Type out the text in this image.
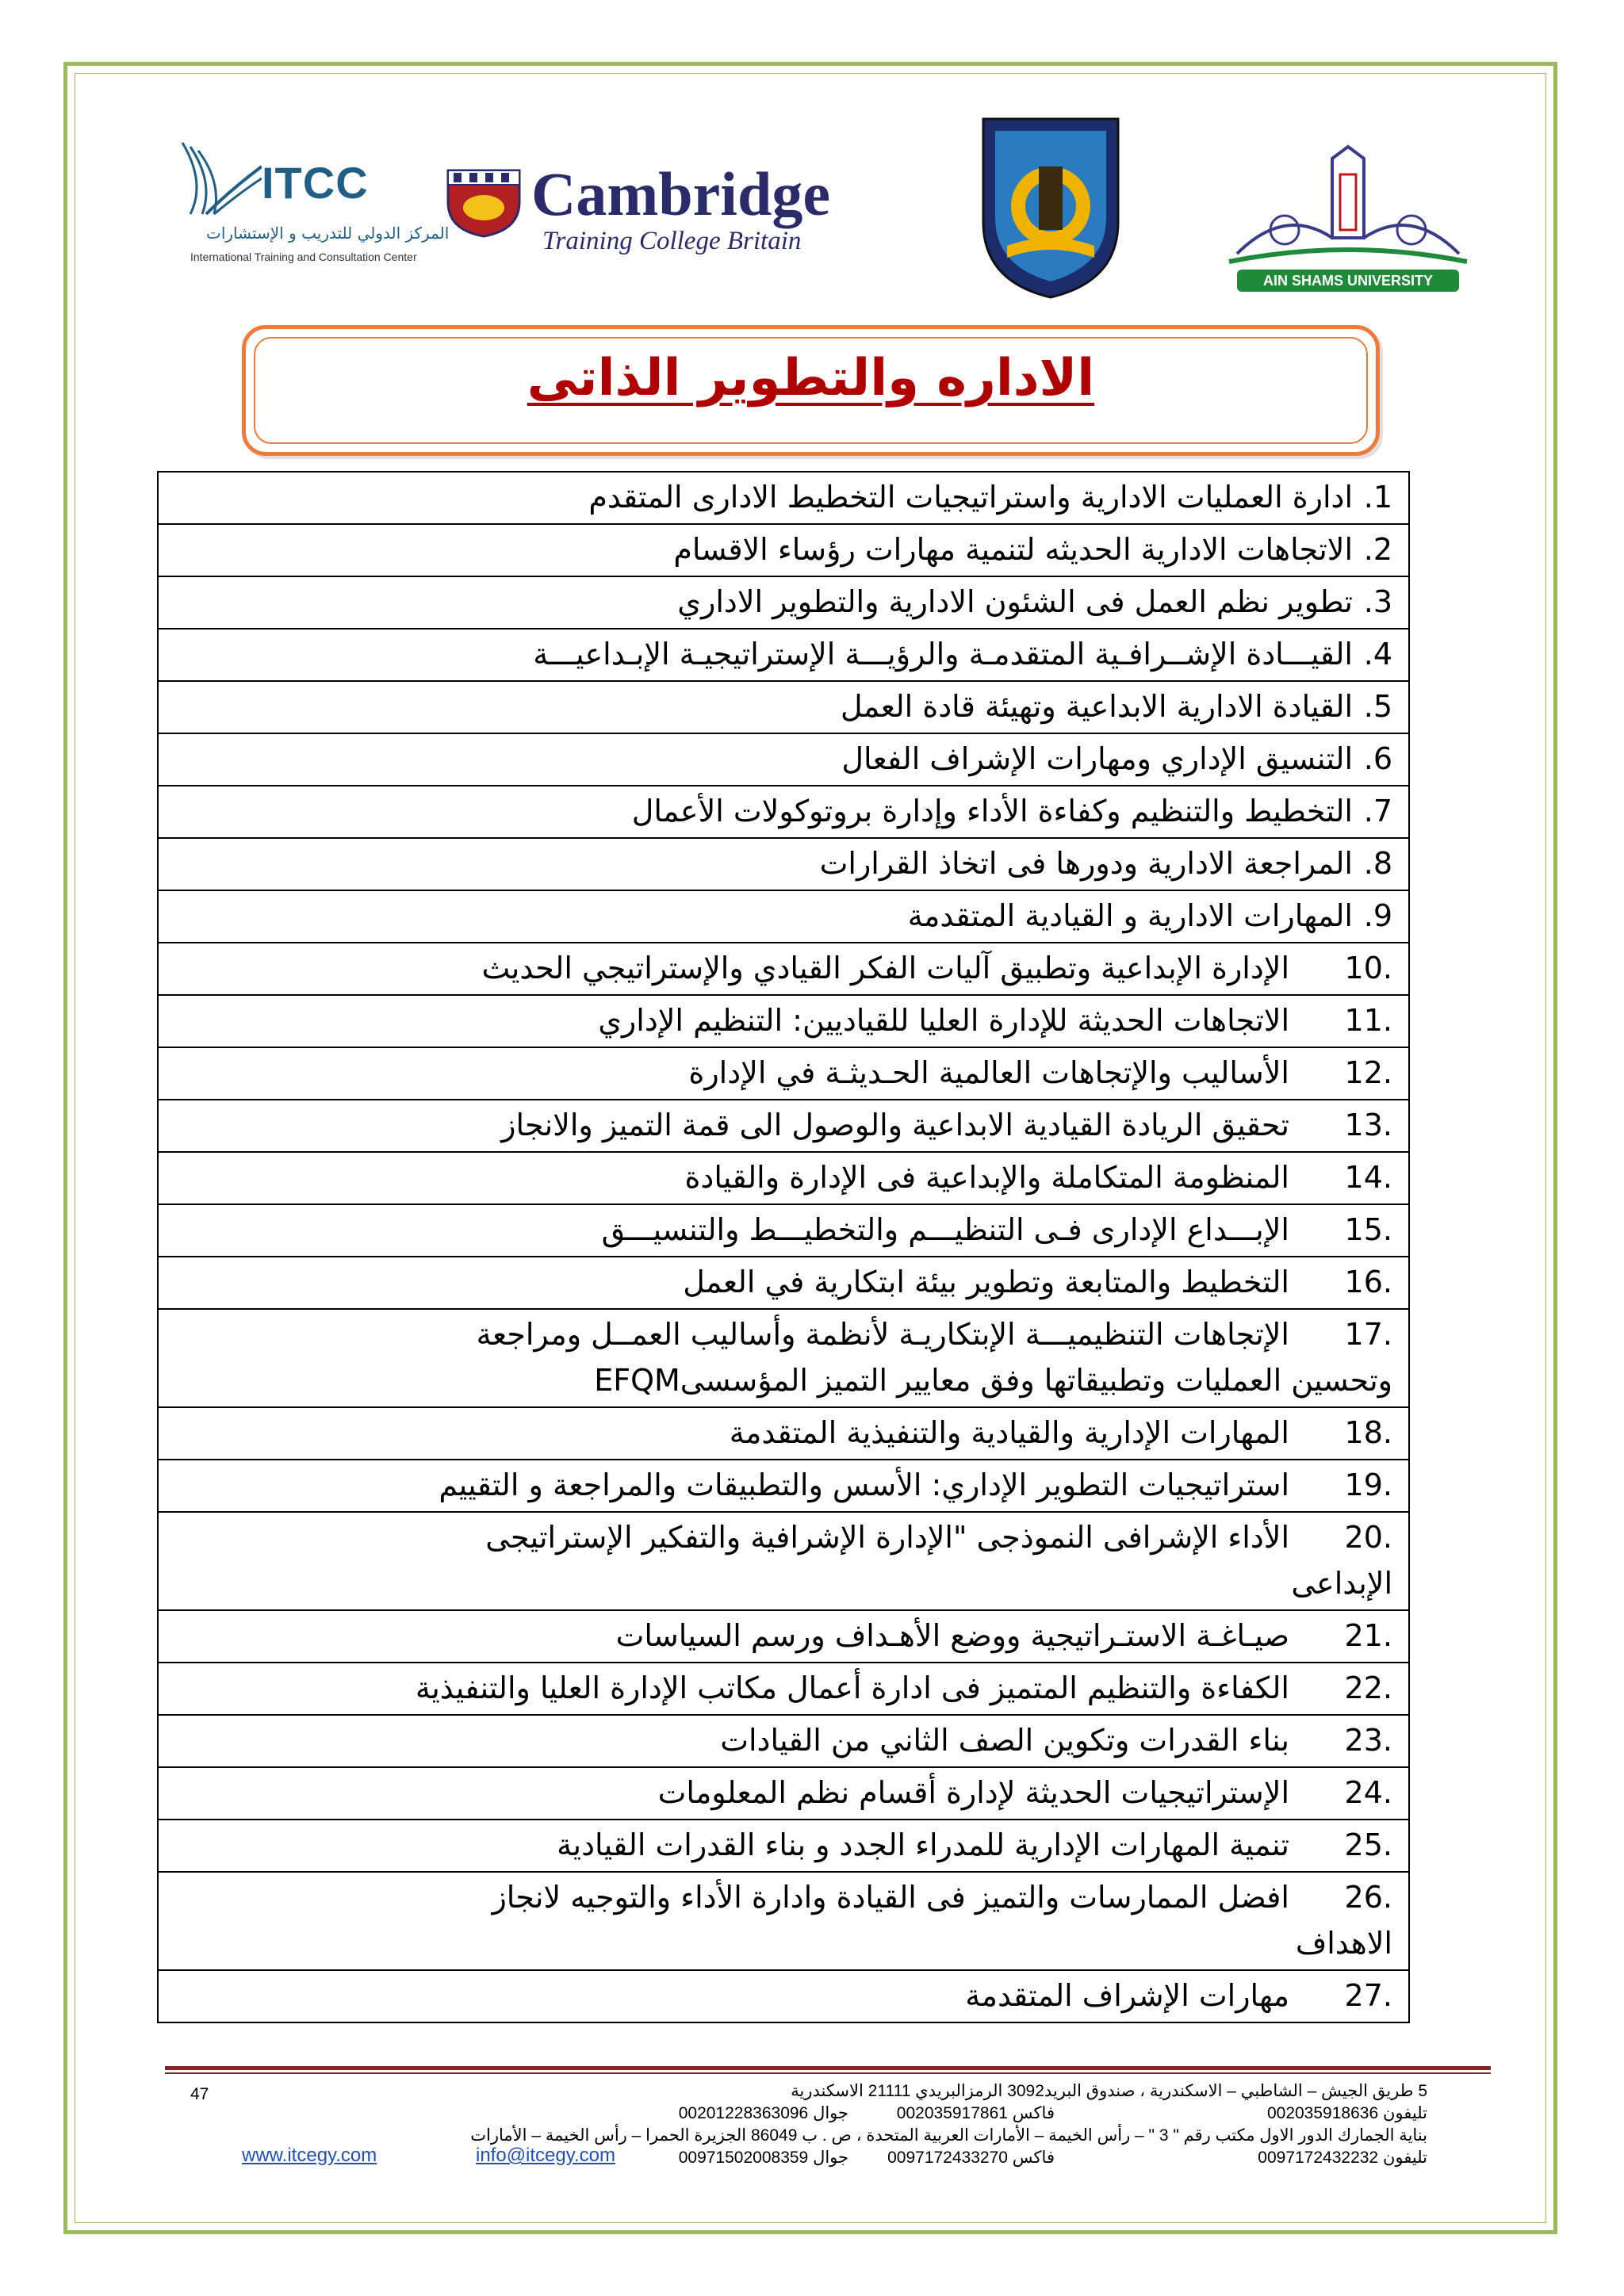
ITCC
المركز الدولي للتدريب و الإستشارات
International Training and Consultation Center
Cambridge
Training College Britain
AIN SHAMS UNIVERSITY
الاداره والتطوير الذاتى
1.ادارة العمليات الادارية واستراتيجيات التخطيط الادارى المتقدم
2.الاتجاهات الادارية الحديثه لتنمية مهارات رؤساء الاقسام
3.تطوير نظم العمل فى الشئون الادارية والتطوير الاداري
4.القيـــادة الإشــرافـية المتقدمـة والرؤيـــة الإستراتيجيـة الإبـداعيـــة
5.القيادة الادارية الابداعية وتهيئة قادة العمل
6.التنسيق الإداري ومهارات الإشراف الفعال
7.التخطيط والتنظيم وكفاءة الأداء وإدارة بروتوكولات الأعمال
8.المراجعة الادارية ودورها فى اتخاذ القرارات
9.المهارات الادارية و القيادية المتقدمة
.10الإدارة الإبداعية وتطبيق آليات الفكر القيادي والإستراتيجي الحديث
.11الاتجاهات الحديثة للإدارة العليا للقياديين: التنظيم الإداري
.12الأساليب والإتجاهات العالمية الحـديثـة في الإدارة
.13تحقيق الريادة القيادية الابداعية والوصول الى قمة التميز والانجاز
.14المنظومة المتكاملة والإبداعية فى الإدارة والقيادة
.15الإبـــداع الإدارى فـى التنظيـــم والتخطيـــط والتنسيـــق
.16التخطيط والمتابعة وتطوير بيئة ابتكارية في العمل
.17الإتجاهات التنظيميـــة الإبتكاريـة لأنظمة وأساليب العمــل ومراجعة
وتحسين العمليات وتطبيقاتها وفق معايير التميز المؤسسىEFQM

.18المهارات الإدارية والقيادية والتنفيذية المتقدمة
.19استراتيجيات التطوير الإداري: الأسس والتطبيقات والمراجعة و التقييم
.20الأداء الإشرافى النموذجى "الإدارة الإشرافية والتفكير الإستراتيجى
الإبداعى

.21صيـاغـة الاستـراتيجية ووضع الأهـداف ورسم السياسات
.22الكفاءة والتنظيم المتميز فى ادارة أعمال مكاتب الإدارة العليا والتنفيذية
.23بناء القدرات وتكوين الصف الثاني من القيادات
.24الإستراتيجيات الحديثة لإدارة أقسام نظم المعلومات
.25تنمية المهارات الإدارية للمدراء الجدد و بناء القدرات القيادية
.26افضل الممارسات والتميز فى القيادة وادارة الأداء والتوجيه لانجاز
الاهداف

.27مهارات الإشراف المتقدمة
47	5 طريق الجيش – الشاطبي – الاسكندرية ، صندوق البريد3092 الرمزالبريدي 21111 الاسكندرية
تليفون 002035918636
فاكس 002035917861
جوال 00201228363096
بناية الجمارك الدور الاول مكتب رقم " 3 " – رأس الخيمة – الأمارات العربية المتحدة ، ص . ب 86049 الجزيرة الحمرا – رأس الخيمة – الأمارات
تليفون 0097172432232
فاكس 0097172433270
جوال 00971502008359
info@itcegy.com
www.itcegy.com
